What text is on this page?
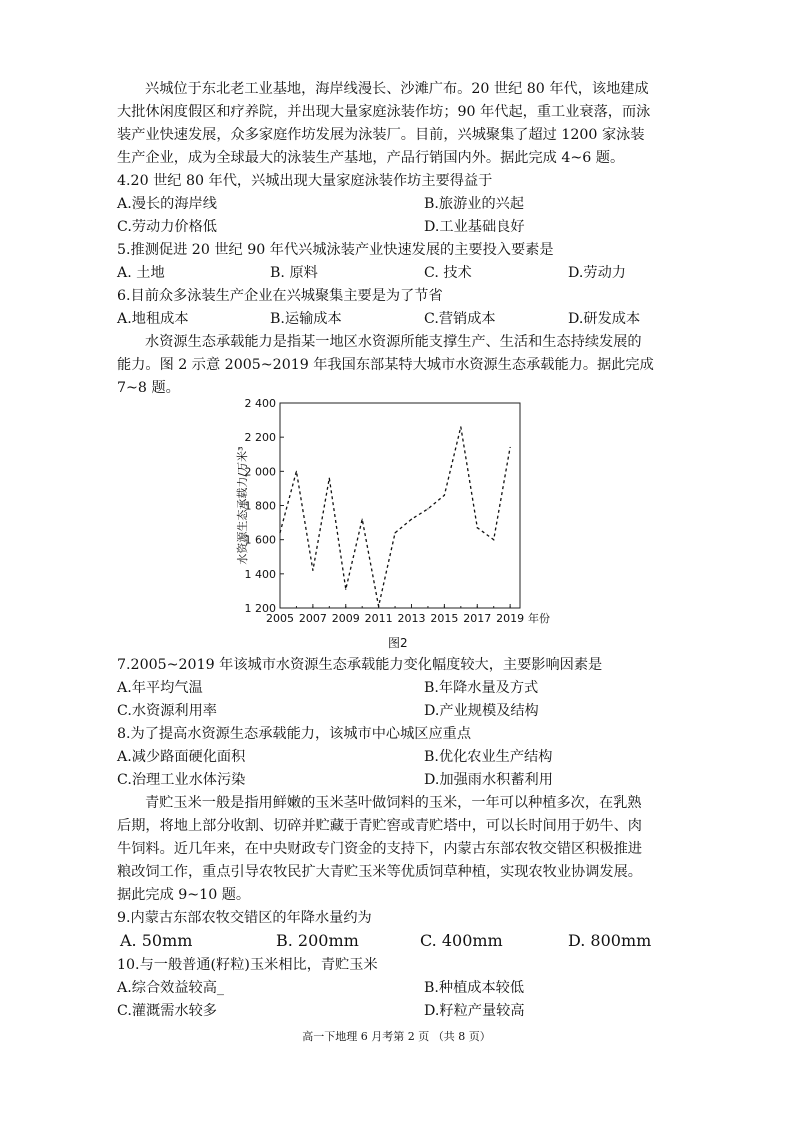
兴城位于东北老工业基地，海岸线漫长、沙滩广布。20 世纪 80 年代，该地建成
大批休闲度假区和疗养院，并出现大量家庭泳装作坊；90 年代起，重工业衰落，而泳
装产业快速发展，众多家庭作坊发展为泳装厂。目前，兴城聚集了超过 1200 家泳装
生产企业，成为全球最大的泳装生产基地，产品行销国内外。据此完成 4~6 题。
4.20 世纪 80 年代，兴城出现大量家庭泳装作坊主要得益于
A.漫长的海岸线	B.旅游业的兴起
C.劳动力价格低	D.工业基础良好
5.推测促进 20 世纪 90 年代兴城泳装产业快速发展的主要投入要素是
A. 土地	B. 原料	C. 技术	D.劳动力
6.目前众多泳装生产企业在兴城聚集主要是为了节省
A.地租成本	B.运输成本	C.营销成本	D.研发成本
水资源生态承载能力是指某一地区水资源所能支撑生产、生活和生态持续发展的
能力。图 2 示意 2005~2019 年我国东部某特大城市水资源生态承载能力。据此完成
7~8 题。
2 400
2 200
2 000
1 800
1 600
1 400
1 200
2005 2007 2009 2011 2013 2015 2017 2019
水资源生态承载力/万米³
年份
图2
7.2005~2019 年该城市水资源生态承载能力变化幅度较大，主要影响因素是
A.年平均气温	B.年降水量及方式
C.水资源利用率	D.产业规模及结构
8.为了提高水资源生态承载能力，该城市中心城区应重点
A.减少路面硬化面积	B.优化农业生产结构
C.治理工业水体污染	D.加强雨水积蓄利用
青贮玉米一般是指用鲜嫩的玉米茎叶做饲料的玉米，一年可以种植多次，在乳熟
后期，将地上部分收割、切碎并贮藏于青贮窖或青贮塔中，可以长时间用于奶牛、肉
牛饲料。近几年来，在中央财政专门资金的支持下，内蒙古东部农牧交错区积极推进
粮改饲工作，重点引导农牧民扩大青贮玉米等优质饲草种植，实现农牧业协调发展。
据此完成 9~10 题。
9.内蒙古东部农牧交错区的年降水量约为
A. 50mm	B. 200mm	C. 400mm	D. 800mm
10.与一般普通(籽粒)玉米相比，青贮玉米
A.综合效益较高_	B.种植成本较低
C.灌溉需水较多	D.籽粒产量较高
高一下地理 6 月考第 2 页 （共 8 页）
